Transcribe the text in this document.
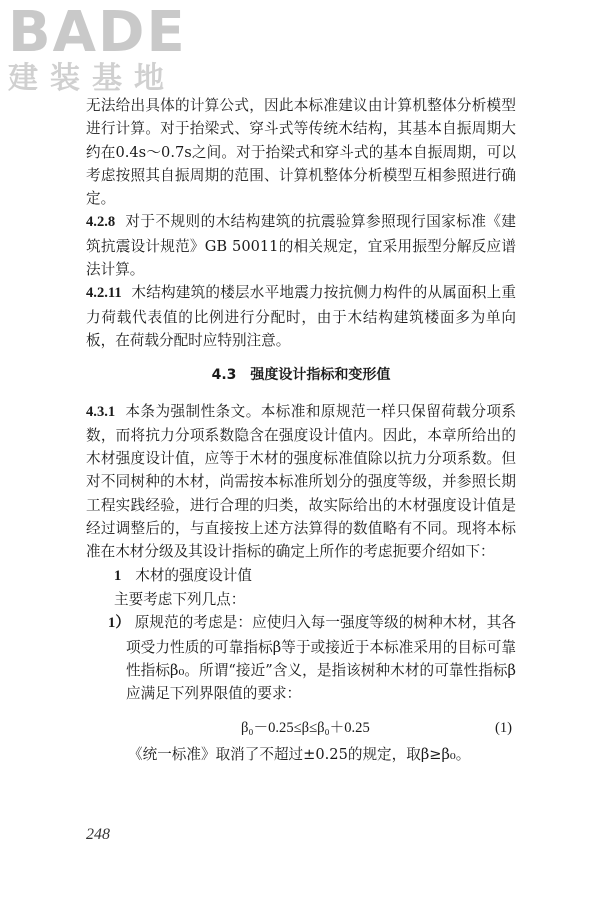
BADE
建装基地

无法给出具体的计算公式，因此本标准建议由计算机整体分析模型进行计算。对于抬梁式、穿斗式等传统木结构，其基本自振周期大约在0.4s～0.7s之间。对于抬梁式和穿斗式的基本自振周期，可以考虑按照其自振周期的范围、计算机整体分析模型互相参照进行确定。

4.2.8 对于不规则的木结构建筑的抗震验算参照现行国家标准《建筑抗震设计规范》GB 50011的相关规定，宜采用振型分解反应谱法计算。

4.2.11 木结构建筑的楼层水平地震力按抗侧力构件的从属面积上重力荷载代表值的比例进行分配时，由于木结构建筑楼面多为单向板，在荷载分配时应特别注意。

4.3　强度设计指标和变形值

4.3.1 本条为强制性条文。本标准和原规范一样只保留荷载分项系数，而将抗力分项系数隐含在强度设计值内。因此，本章所给出的木材强度设计值，应等于木材的强度标准值除以抗力分项系数。但对不同树种的木材，尚需按本标准所划分的强度等级，并参照长期工程实践经验，进行合理的归类，故实际给出的木材强度设计值是经过调整后的，与直接按上述方法算得的数值略有不同。现将本标准在木材分级及其设计指标的确定上所作的考虑扼要介绍如下：

1 木材的强度设计值

主要考虑下列几点：

1） 原规范的考虑是：应使归入每一强度等级的树种木材，其各项受力性质的可靠指标β等于或接近于本标准采用的目标可靠性指标β₀。所谓“接近”含义，是指该树种木材的可靠性指标β应满足下列界限值的要求：

β₀－0.25≤β≤β₀＋0.25	(1)

《统一标准》取消了不超过±0.25的规定，取β≥β₀。

248
